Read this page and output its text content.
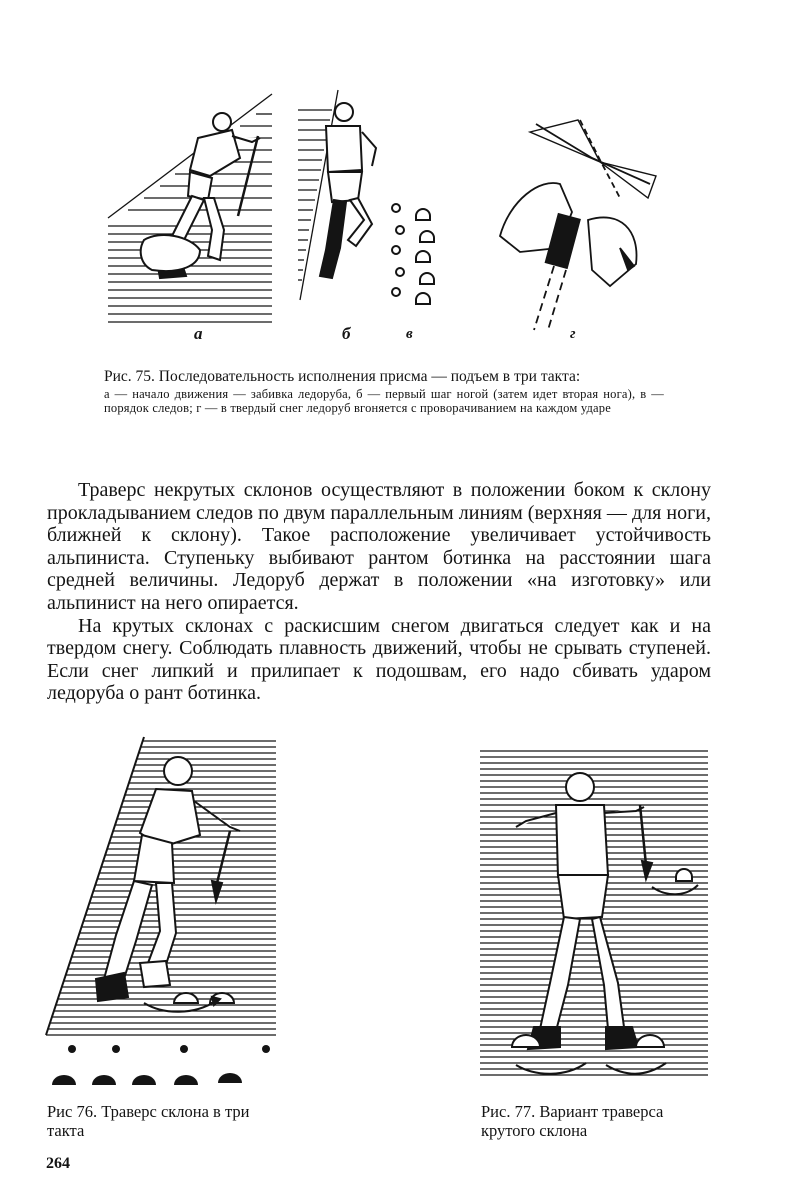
а	б	в	г
Рис. 75. Последовательность исполнения присма — подъем в три такта:
а — начало движения — забивка ледоруба, б — первый шаг ногой (затем идет вторая нога), в — порядок следов; г — в твердый снег ледоруб вгоняется с проворачиванием на каждом ударе

Траверс некрутых склонов осуществляют в положении боком к склону прокладыванием следов по двум параллельным линиям (верхняя — для ноги, ближней к склону). Такое расположение увеличивает устойчивость альпиниста. Ступеньку выбивают рантом ботинка на расстоянии шага средней величины. Ледоруб держат в положении «на изготовку» или альпинист на него опирается.

На крутых склонах с раскисшим снегом двигаться следует как и на твердом снегу. Соблюдать плавность движений, чтобы не срывать ступеней. Если снег липкий и прилипает к подошвам, его надо сбивать ударом ледоруба о рант ботинка.

Рис 76. Траверс склона в три такта
Рис. 77. Вариант траверса крутого склона
264
